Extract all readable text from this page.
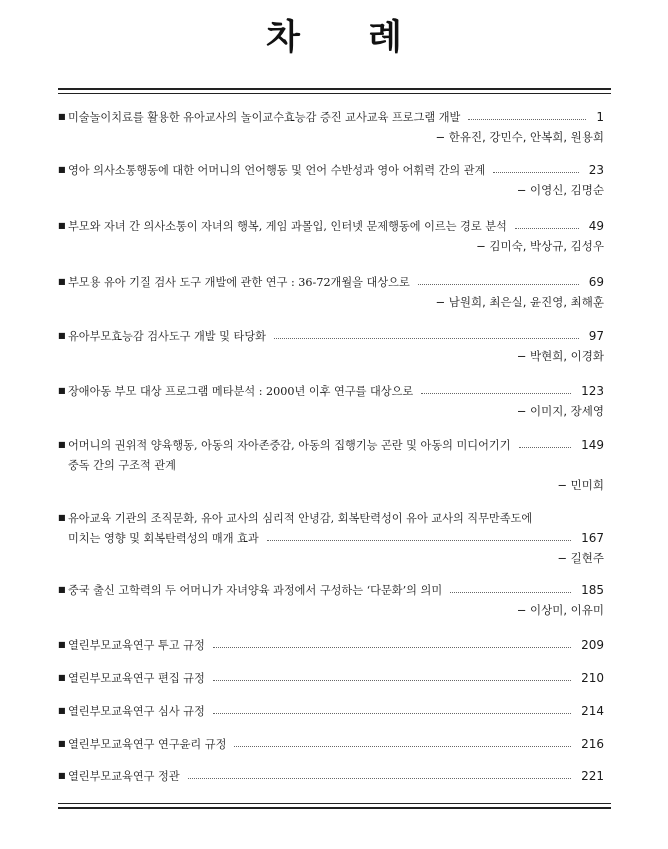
차 례
■ 미술놀이치료를 활용한 유아교사의 놀이교수효능감 증진 교사교육 프로그램 개발	1
− 한유진, 강민수, 안복희, 원용희
■ 영아 의사소통행동에 대한 어머니의 언어행동 및 언어 수반성과 영아 어휘력 간의 관계	23
− 이영신, 김명순
■ 부모와 자녀 간 의사소통이 자녀의 행복, 게임 과몰입, 인터넷 문제행동에 이르는 경로 분석	49
− 김미숙, 박상규, 김성우
■ 부모용 유아 기질 검사 도구 개발에 관한 연구 : 36-72개월을 대상으로	69
− 남원희, 최은실, 윤진영, 최해훈
■ 유아부모효능감 검사도구 개발 및 타당화	97
− 박현희, 이경화
■ 장애아동 부모 대상 프로그램 메타분석 : 2000년 이후 연구를 대상으로	123
− 이미지, 장세영
■ 어머니의 권위적 양육행동, 아동의 자아존중감, 아동의 집행기능 곤란 및 아동의 미디어기기	149
중독 간의 구조적 관계
− 민미희
■ 유아교육 기관의 조직문화, 유아 교사의 심리적 안녕감, 회복탄력성이 유아 교사의 직무만족도에
미치는 영향 및 회복탄력성의 매개 효과	167
− 길현주
■ 중국 출신 고학력의 두 어머니가 자녀양육 과정에서 구성하는 ‘다문화’의 의미	185
− 이상미, 이유미
■ 열린부모교육연구 투고 규정	209
■ 열린부모교육연구 편집 규정	210
■ 열린부모교육연구 심사 규정	214
■ 열린부모교육연구 연구윤리 규정	216
■ 열린부모교육연구 정관	221
